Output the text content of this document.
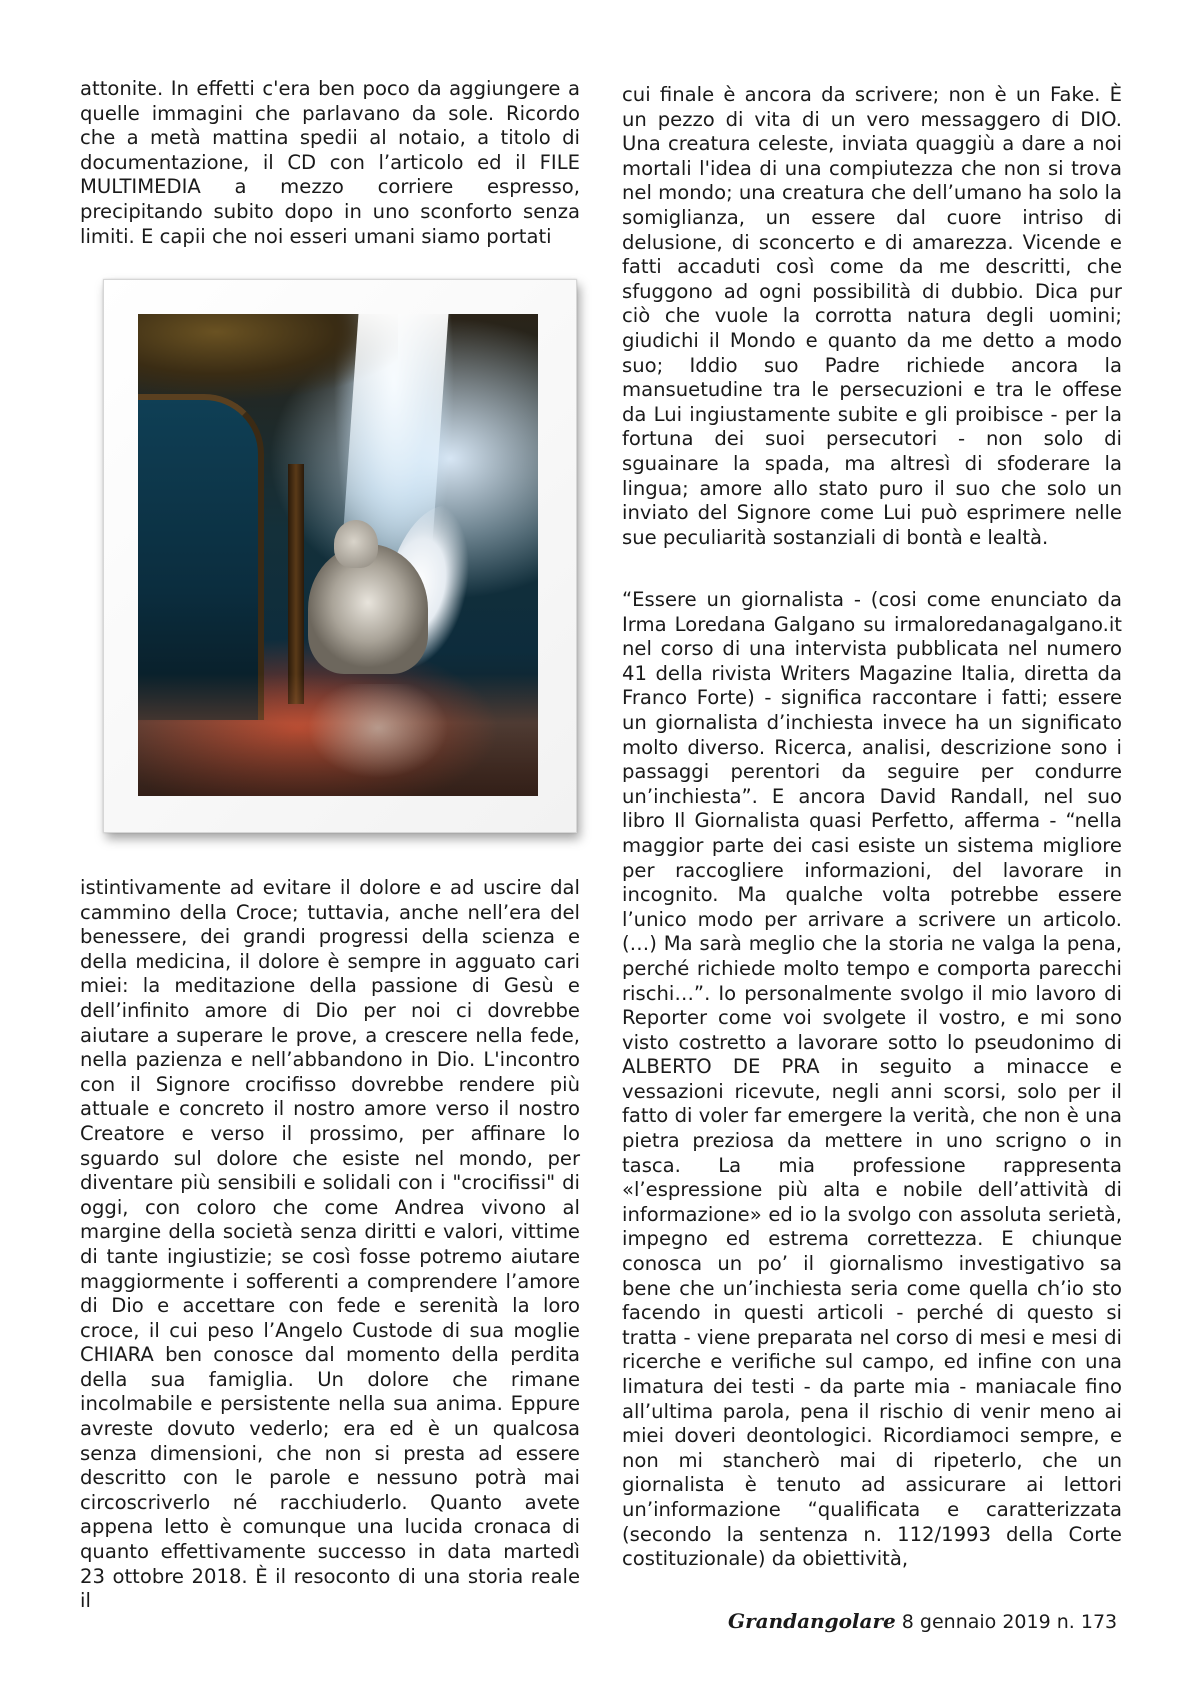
attonite. In effetti c'era ben poco da aggiungere a quelle immagini che parlavano da sole. Ricordo che a metà mattina spedii al notaio, a titolo di documentazione, il CD con l’articolo ed il FILE MULTIMEDIA a mezzo corriere espresso, precipitando subito dopo in uno sconforto senza limiti. E capii che noi esseri umani siamo portati

istintivamente ad evitare il dolore e ad uscire dal cammino della Croce; tuttavia, anche nell’era del benessere, dei grandi progressi della scienza e della medicina, il dolore è sempre in agguato cari miei: la meditazione della passione di Gesù e dell’infinito amore di Dio per noi ci dovrebbe aiutare a superare le prove, a crescere nella fede, nella pazienza e nell’abbandono in Dio. L'incontro con il Signore crocifisso dovrebbe rendere più attuale e concreto il nostro amore verso il nostro Creatore e verso il prossimo, per affinare lo sguardo sul dolore che esiste nel mondo, per diventare più sensibili e solidali con i "crocifissi" di oggi, con coloro che come Andrea vivono al margine della società senza diritti e valori, vittime di tante ingiustizie; se così fosse potremo aiutare maggiormente i sofferenti a comprendere l’amore di Dio e accettare con fede e serenità la loro croce, il cui peso l’Angelo Custode di sua moglie CHIARA ben conosce dal momento della perdita della sua famiglia. Un dolore che rimane incolmabile e persistente nella sua anima. Eppure avreste dovuto vederlo; era ed è un qualcosa senza dimensioni, che non si presta ad essere descritto con le parole e nessuno potrà mai circoscriverlo né racchiuderlo. Quanto avete appena letto è comunque una lucida cronaca di quanto effettivamente successo in data martedì 23 ottobre 2018. È il resoconto di una storia reale il

cui finale è ancora da scrivere; non è un Fake. È un pezzo di vita di un vero messaggero di DIO. Una creatura celeste, inviata quaggiù a dare a noi mortali l'idea di una compiutezza che non si trova nel mondo; una creatura che dell’umano ha solo la somiglianza, un essere dal cuore intriso di delusione, di sconcerto e di amarezza. Vicende e fatti accaduti così come da me descritti, che sfuggono ad ogni possibilità di dubbio. Dica pur ciò che vuole la corrotta natura degli uomini; giudichi il Mondo e quanto da me detto a modo suo; Iddio suo Padre richiede ancora la mansuetudine tra le persecuzioni e tra le offese da Lui ingiustamente subite e gli proibisce - per la fortuna dei suoi persecutori - non solo di sguainare la spada, ma altresì di sfoderare la lingua; amore allo stato puro il suo che solo un inviato del Signore come Lui può esprimere nelle sue peculiarità sostanziali di bontà e lealtà.

“Essere un giornalista - (cosi come enunciato da Irma Loredana Galgano su irmaloredanagalgano.it nel corso di una intervista pubblicata nel numero 41 della rivista Writers Magazine Italia, diretta da Franco Forte) - significa raccontare i fatti; essere un giornalista d’inchiesta invece ha un significato molto diverso. Ricerca, analisi, descrizione sono i passaggi perentori da seguire per condurre un’inchiesta”. E ancora David Randall, nel suo libro Il Giornalista quasi Perfetto, afferma - “nella maggior parte dei casi esiste un sistema migliore per raccogliere informazioni, del lavorare in incognito. Ma qualche volta potrebbe essere l’unico modo per arrivare a scrivere un articolo. (…) Ma sarà meglio che la storia ne valga la pena, perché richiede molto tempo e comporta parecchi rischi…”. Io personalmente svolgo il mio lavoro di Reporter come voi svolgete il vostro, e mi sono visto costretto a lavorare sotto lo pseudonimo di ALBERTO DE PRA in seguito a minacce e vessazioni ricevute, negli anni scorsi, solo per il fatto di voler far emergere la verità, che non è una pietra preziosa da mettere in uno scrigno o in tasca. La mia professione rappresenta «l’espressione più alta e nobile dell’attività di informazione» ed io la svolgo con assoluta serietà, impegno ed estrema correttezza. E chiunque conosca un po’ il giornalismo investigativo sa bene che un’inchiesta seria come quella ch’io sto facendo in questi articoli - perché di questo si tratta - viene preparata nel corso di mesi e mesi di ricerche e verifiche sul campo, ed infine con una limatura dei testi - da parte mia - maniacale fino all’ultima parola, pena il rischio di venir meno ai miei doveri deontologici. Ricordiamoci sempre, e non mi stancherò mai di ripeterlo, che un giornalista è tenuto ad assicurare ai lettori un’informazione “qualificata e caratterizzata (secondo la sentenza n. 112/1993 della Corte costituzionale) da obiettività,

Grandangolare 8 gennaio 2019 n. 173
